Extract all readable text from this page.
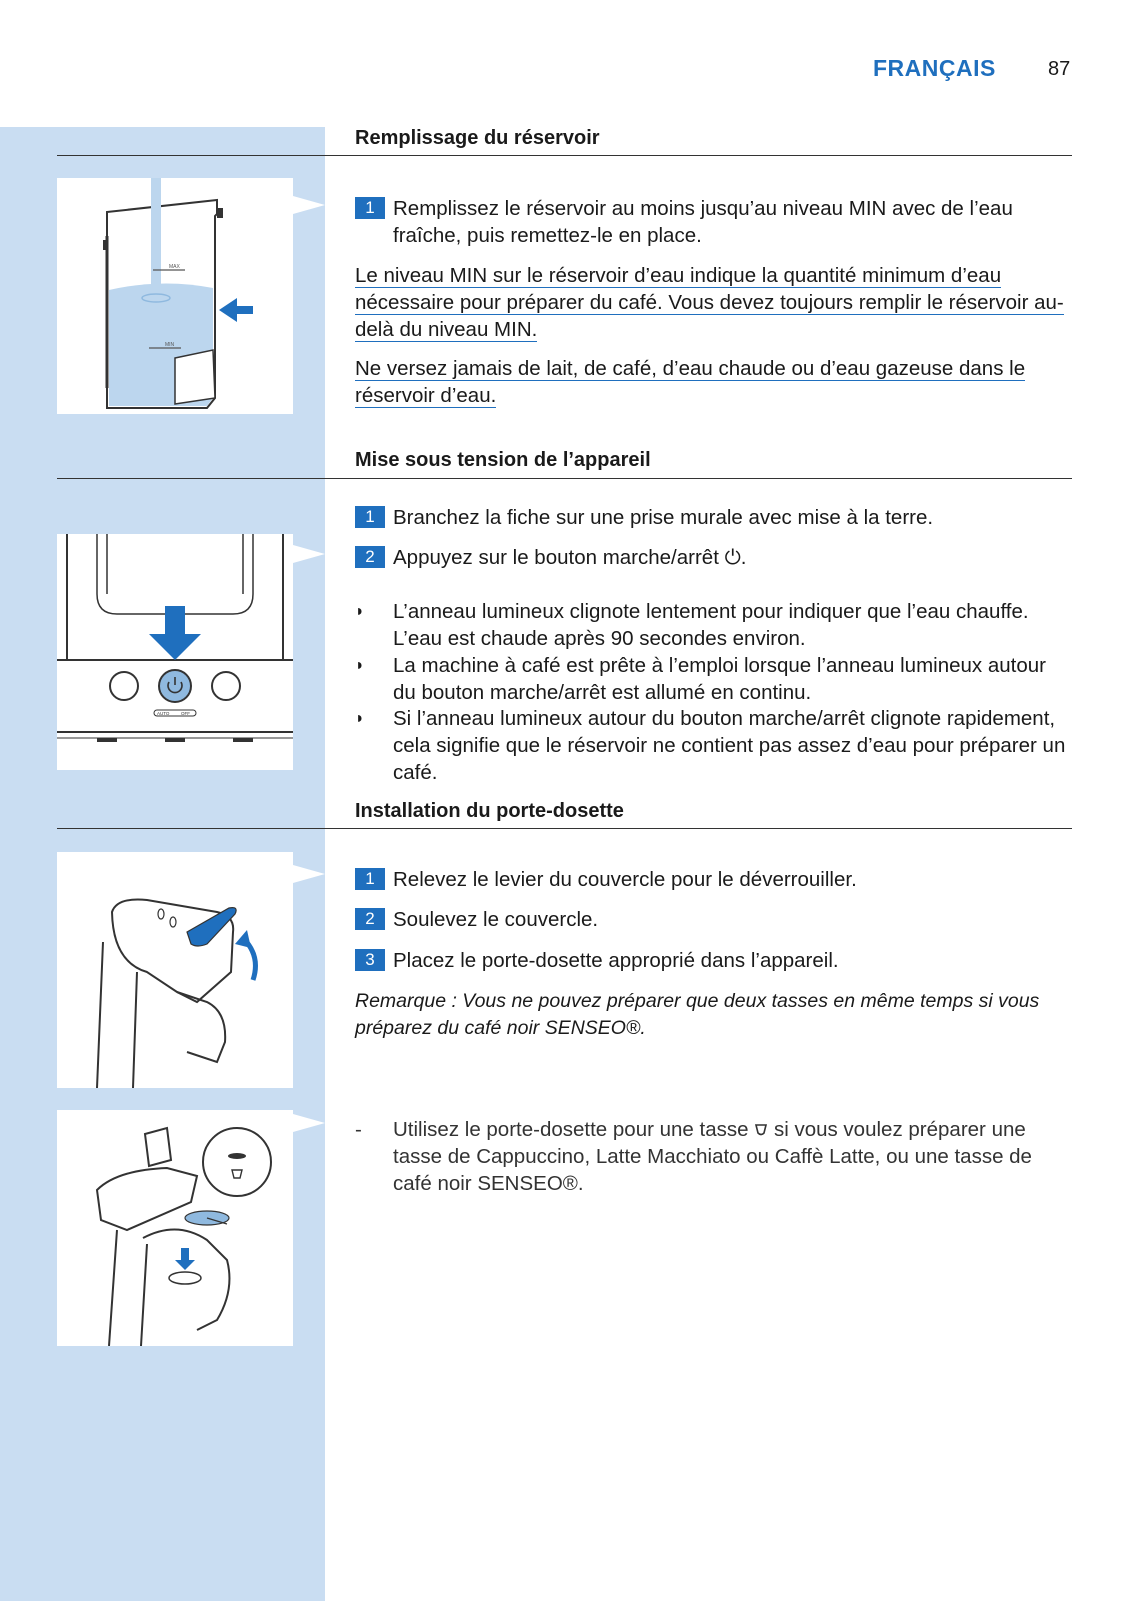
FRANÇAIS	87
Remplissage du réservoir
MAX
MIN
1 Remplissez le réservoir au moins jusqu’au niveau MIN avec de l’eau fraîche, puis remettez-le en place.

Le niveau MIN sur le réservoir d’eau indique la quantité minimum d’eau nécessaire pour préparer du café. Vous devez toujours remplir le réservoir au-delà du niveau MIN.

Ne versez jamais de lait, de café, d’eau chaude ou d’eau gazeuse dans le réservoir d’eau.

Mise sous tension de l’appareil
AUTO	OFF
1 Branchez la fiche sur une prise murale avec mise à la terre.
2 Appuyez sur le bouton marche/arrêt ⏻.
◗	L’anneau lumineux clignote lentement pour indiquer que l’eau chauffe. L’eau est chaude après 90 secondes environ.
◗	La machine à café est prête à l’emploi lorsque l’anneau lumineux autour du bouton marche/arrêt est allumé en continu.
◗	Si l’anneau lumineux autour du bouton marche/arrêt clignote rapidement, cela signifie que le réservoir ne contient pas assez d’eau pour préparer un café.
Installation du porte-dosette
1 Relevez le levier du couvercle pour le déverrouiller.
2 Soulevez le couvercle.
3 Placez le porte-dosette approprié dans l’appareil.
Remarque : Vous ne pouvez préparer que deux tasses en même temps si vous préparez du café noir SENSEO®.
-	Utilisez le porte-dosette pour une tasse si vous voulez préparer une tasse de Cappuccino, Latte Macchiato ou Caffè Latte, ou une tasse de café noir SENSEO®.
